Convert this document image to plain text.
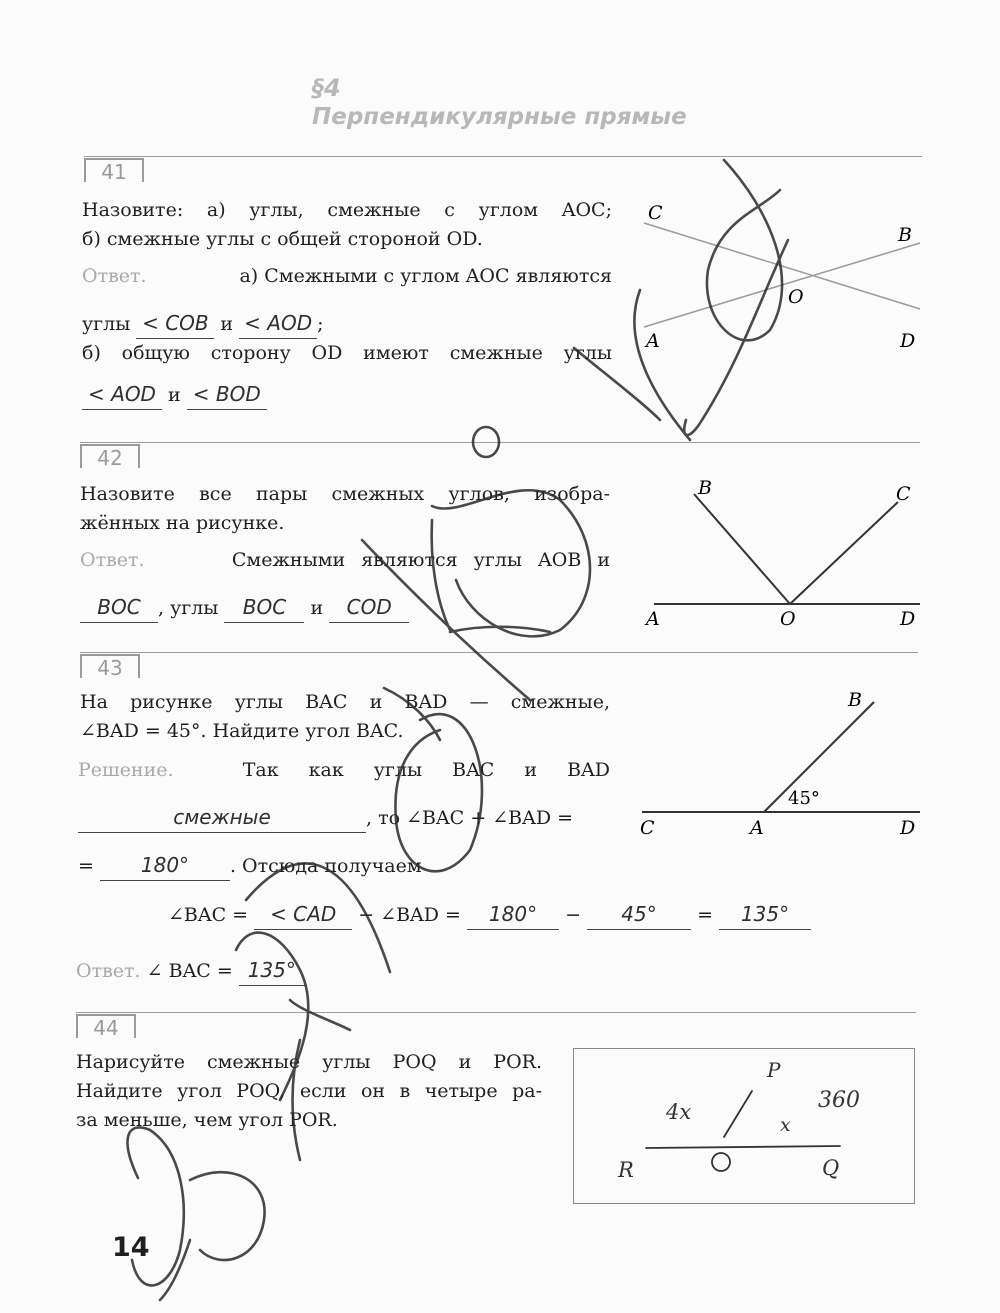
§4
Перпендикулярные прямые
41
Назовите: а) углы, смежные с углом AOC;
б) смежные углы с общей стороной OD.
Ответ.	а) Смежными с углом AOC являются
углы < COB и < AOD ;
б) общую сторону OD имеют смежные углы
< AOD и < BOD
C
B
O
A	D
42
Назовите все пары смежных углов, изобра-
жённых на рисунке.
Ответ.	Смежными являются углы AOB и
BOC , углы BOC и COD
B	C
A	O	D
43
На рисунке углы BAC и BAD — смежные,
∠BAD = 45°. Найдите угол BAC.
Решение.	Так как углы BAC и BAD
смежные	, то ∠BAC + ∠BAD =
= 180° . Отсюда получаем
∠BAC = < CAD − ∠BAD = 180° − 45° = 135°
Ответ. ∠ BAC = 135°
B
45°
C	A	D
44
Нарисуйте смежные углы POQ и POR.
Найдите угол POQ, если он в четыре ра-
за меньше, чем угол POR.
P
4x
x
360
R	O	Q
14
